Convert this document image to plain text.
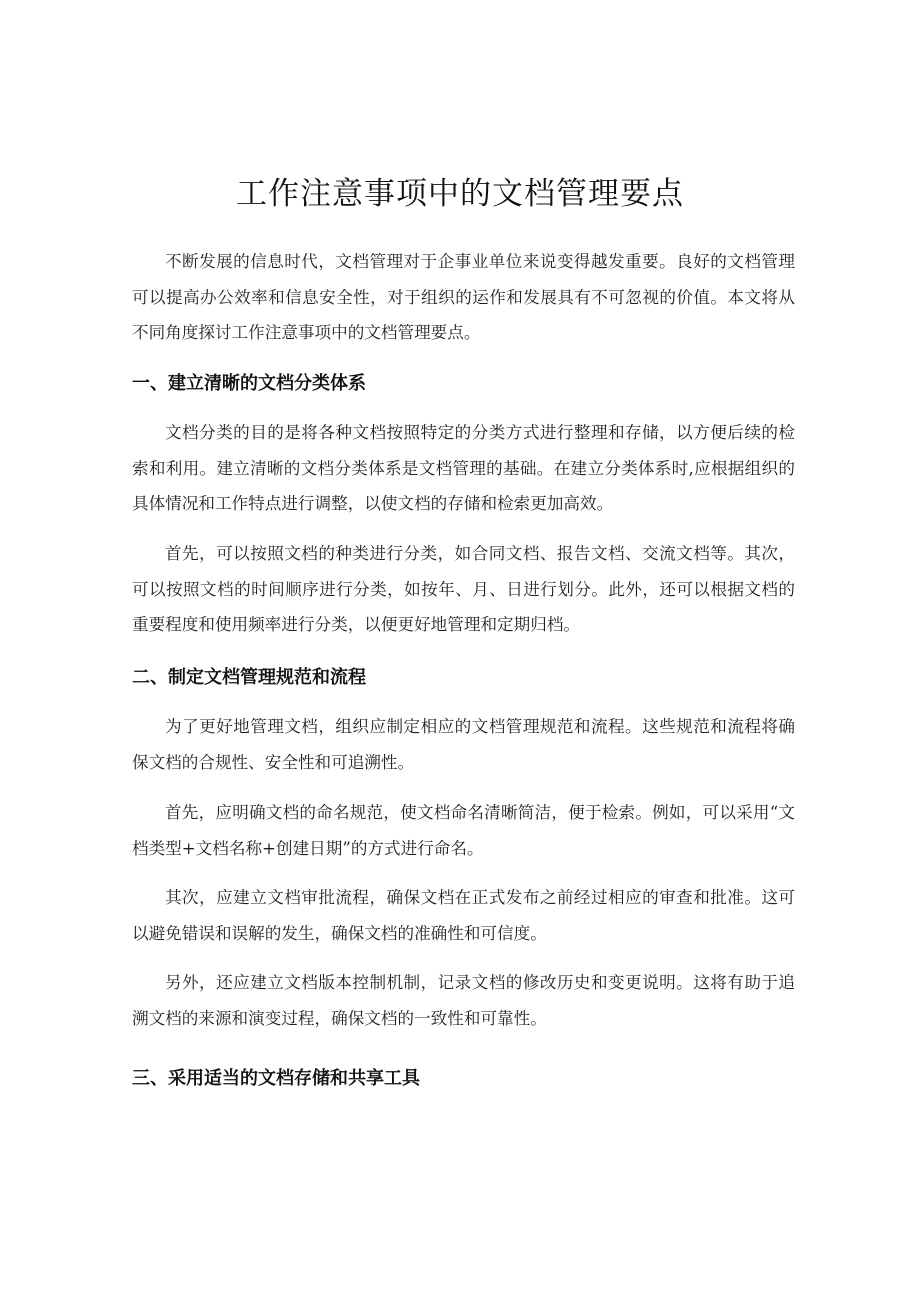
工作注意事项中的文档管理要点

不断发展的信息时代，文档管理对于企事业单位来说变得越发重要。良好的文档管理可以提高办公效率和信息安全性，对于组织的运作和发展具有不可忽视的价值。本文将从不同角度探讨工作注意事项中的文档管理要点。

一、建立清晰的文档分类体系

文档分类的目的是将各种文档按照特定的分类方式进行整理和存储，以方便后续的检索和利用。建立清晰的文档分类体系是文档管理的基础。在建立分类体系时,应根据组织的具体情况和工作特点进行调整，以使文档的存储和检索更加高效。

首先，可以按照文档的种类进行分类，如合同文档、报告文档、交流文档等。其次，可以按照文档的时间顺序进行分类，如按年、月、日进行划分。此外，还可以根据文档的重要程度和使用频率进行分类，以便更好地管理和定期归档。

二、制定文档管理规范和流程

为了更好地管理文档，组织应制定相应的文档管理规范和流程。这些规范和流程将确保文档的合规性、安全性和可追溯性。

首先，应明确文档的命名规范，使文档命名清晰简洁，便于检索。例如，可以采用“文档类型+文档名称+创建日期”的方式进行命名。

其次，应建立文档审批流程，确保文档在正式发布之前经过相应的审查和批准。这可以避免错误和误解的发生，确保文档的准确性和可信度。

另外，还应建立文档版本控制机制，记录文档的修改历史和变更说明。这将有助于追溯文档的来源和演变过程，确保文档的一致性和可靠性。

三、采用适当的文档存储和共享工具
